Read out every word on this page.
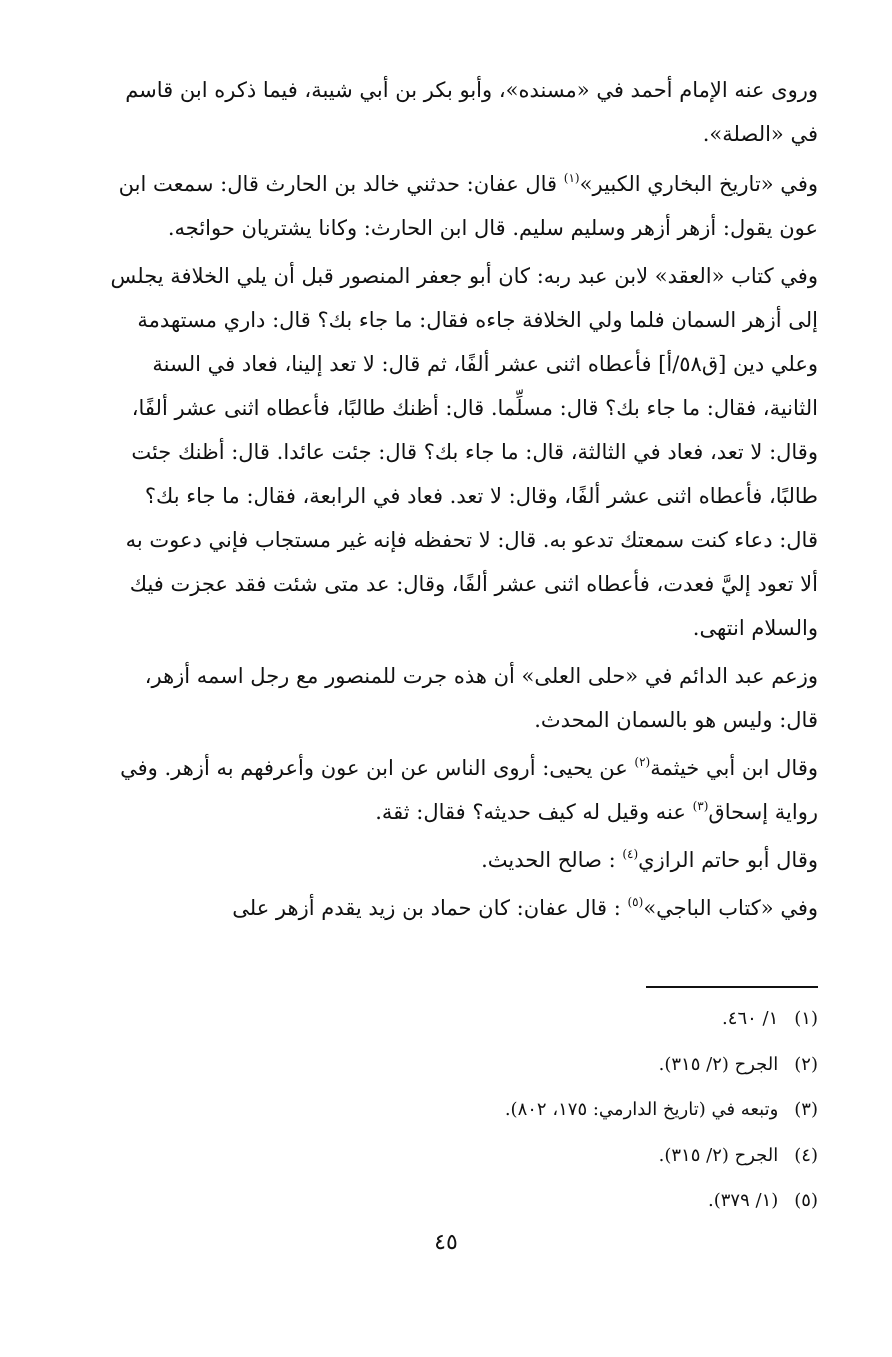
وروى عنه الإمام أحمد في «مسنده»، وأبو بكر بن أبي شيبة، فيما ذكره ابن قاسم في «الصلة».

وفي «تاريخ البخاري الكبير»$^{(١)}$ قال عفان: حدثني خالد بن الحارث قال: سمعت ابن عون يقول: أزهر أزهر وسليم سليم. قال ابن الحارث: وكانا يشتريان حوائجه.

وفي كتاب «العقد» لابن عبد ربه: كان أبو جعفر المنصور قبل أن يلي الخلافة يجلس إلى أزهر السمان فلما ولي الخلافة جاءه فقال: ما جاء بك؟ قال: داري مستهدمة وعلي دين [ق٥٨/أ] فأعطاه اثنى عشر ألفًا، ثم قال: لا تعد إلينا، فعاد في السنة الثانية، فقال: ما جاء بك؟ قال: مسلِّما. قال: أظنك طالبًا، فأعطاه اثنى عشر ألفًا، وقال: لا تعد، فعاد في الثالثة، قال: ما جاء بك؟ قال: جئت عائدا. قال: أظنك جئت طالبًا، فأعطاه اثنى عشر ألفًا، وقال: لا تعد. فعاد في الرابعة، فقال: ما جاء بك؟ قال: دعاء كنت سمعتك تدعو به. قال: لا تحفظه فإنه غير مستجاب فإني دعوت به ألا تعود إليَّ فعدت، فأعطاه اثنى عشر ألفًا، وقال: عد متى شئت فقد عجزت فيك والسلام انتهى.

وزعم عبد الدائم في «حلى العلى» أن هذه جرت للمنصور مع رجل اسمه أزهر، قال: وليس هو بالسمان المحدث.

وقال ابن أبي خيثمة$^{(٢)}$ عن يحيى: أروى الناس عن ابن عون وأعرفهم به أزهر. وفي رواية إسحاق$^{(٣)}$ عنه وقيل له كيف حديثه؟ فقال: ثقة.

وقال أبو حاتم الرازي$^{(٤)}$ : صالح الحديث.

وفي «كتاب الباجي»$^{(٥)}$ : قال عفان: كان حماد بن زيد يقدم أزهر على

(١) ١/ ٤٦٠.

(٢) الجرح (٢/ ٣١٥).

(٣) وتبعه في (تاريخ الدارمي: ١٧٥، ٨٠٢).

(٤) الجرح (٢/ ٣١٥).

(٥) (١/ ٣٧٩).

٤٥
